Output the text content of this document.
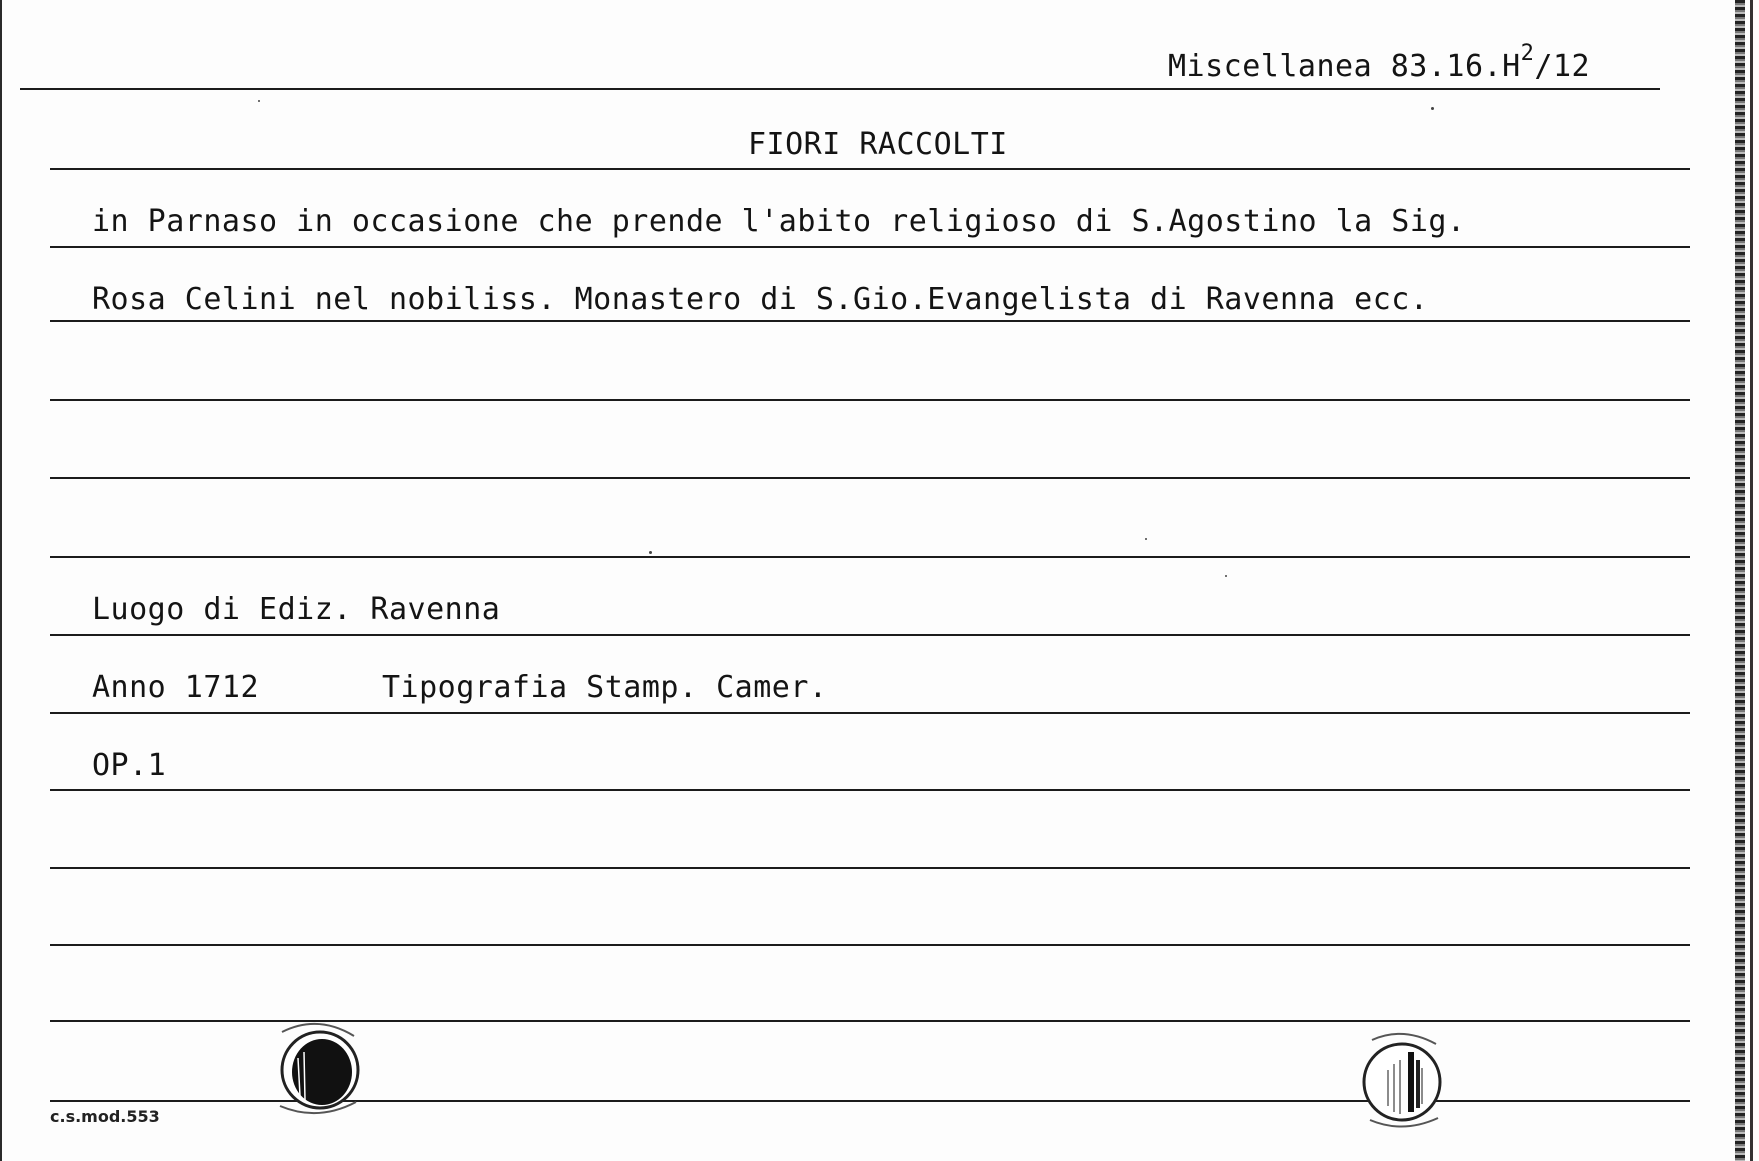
Miscellanea $83.16.H^2/12$
FIORI RACCOLTI
in Parnaso in occasione che prende l'abito religioso di S.Agostino la Sig.
Rosa Celini nel nobiliss. Monastero di S.Gio.Evangelista di Ravenna ecc.
Luogo di Ediz. Ravenna
Anno 1712	Tipografia Stamp. Camer.
OP.1
c.s.mod.553
